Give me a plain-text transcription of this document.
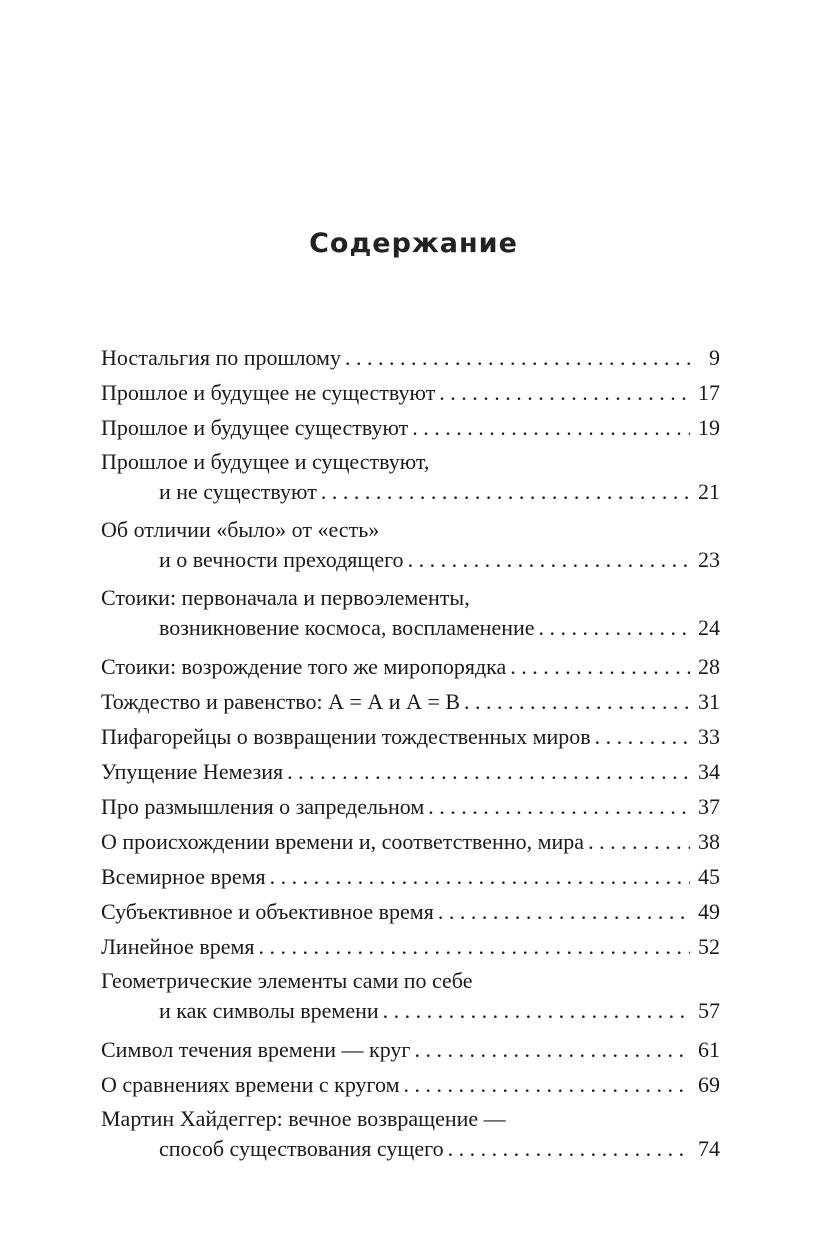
Содержание
Ностальгия по прошлому . . .	9
Прошлое и будущее не существуют . . .	17
Прошлое и будущее существуют . . .	19
Прошлое и будущее и существуют,
и не существуют . . .	21
Об отличии «было» от «есть»
и о вечности преходящего . . .	23
Стоики: первоначала и первоэлементы,
возникновение космоса, воспламенение . . .	24
Стоики: возрождение того же миропорядка . . .	28
Тождество и равенство: А = А и А = В . . .	31
Пифагорейцы о возвращении тождественных миров . . .	33
Упущение Немезия . . .	34
Про размышления о запредельном . . .	37
О происхождении времени и, соответственно, мира . . .	38
Всемирное время . . .	45
Субъективное и объективное время . . .	49
Линейное время . . .	52
Геометрические элементы сами по себе
и как символы времени . . .	57
Символ течения времени — круг . . .	61
О сравнениях времени с кругом . . .	69
Мартин Хайдеггер: вечное возвращение —
способ существования сущего . . .	74
